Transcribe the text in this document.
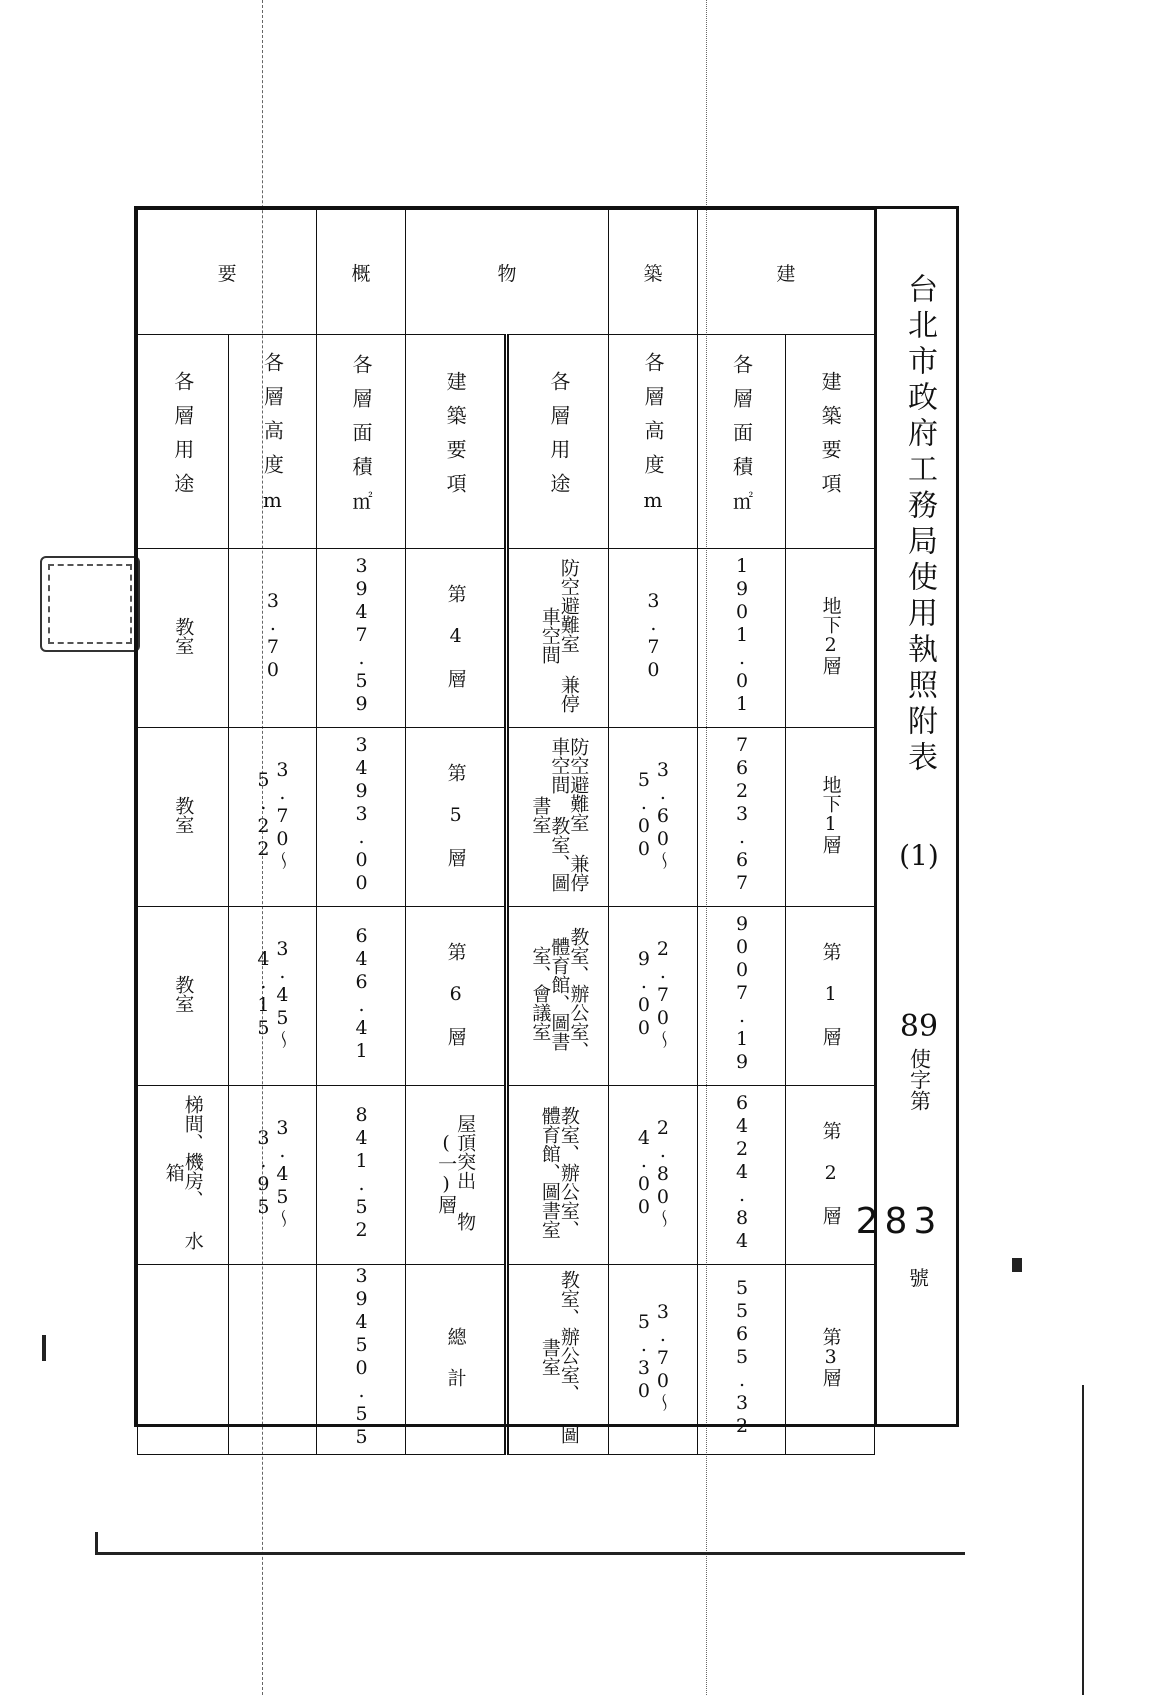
要		概	物		築	建	
各層用途	各層高度m	各層面積㎡	建築要項	各層用途	各層高度m	各層面積㎡	建築要項
教室	3.70	3947.59	第 4 層	防空避難室 兼停車空間	3.70	1901.01	地下2層
教室	3.70〜5.22	3493.00	第 5 層	防空避難室 兼停車空間 教室、圖書室	3.60〜5.00	7623.67	地下1層
教室	3.45〜4.15	646.41	第 6 層	教室、辦公室、 體育館、圖書 室、會議室	2.70〜9.00	9007.19	第 1 層
梯間、機房、 水箱	3.45〜3.95	841.52	屋頂突出 物(一)層	教室、辦公室、 體育館、圖書室	2.80〜4.00	6424.84	第 2 層
		39450.55	總 計	教室、辦公室、 圖書室	3.70〜5.30	5565.32	第3層
台北市政府工務局使用執照附表
(1)
89
使字第
283
號
